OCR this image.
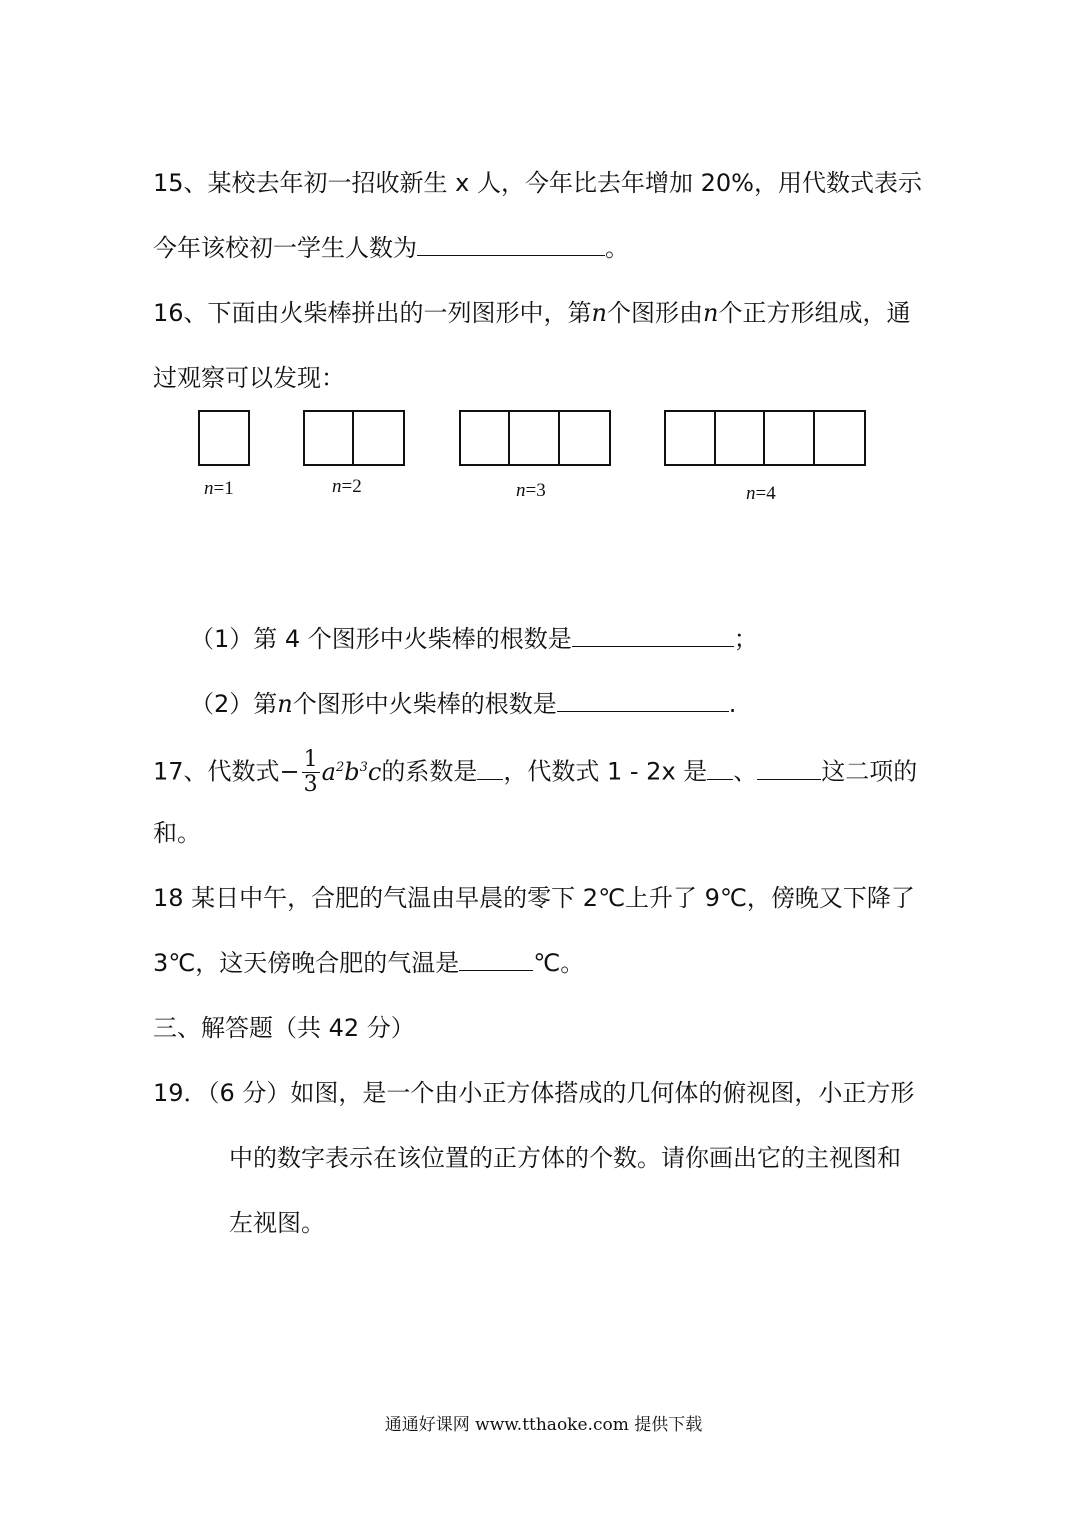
15、某校去年初一招收新生 x 人，今年比去年增加 20%，用代数式表示
今年该校初一学生人数为	。
16、下面由火柴棒拼出的一列图形中，第n个图形由n个正方形组成，通
过观察可以发现：
n=1	n=2	n=3	n=4
（1）第 4 个图形中火柴棒的根数是	；
（2）第n个图形中火柴棒的根数是	.
17、代数式− $\frac{1}{3} a^2b^3c$的系数是 ，代数式 1 - 2x 是 、	这二项的
和。
18 某日中午，合肥的气温由早晨的零下 2℃上升了 9℃，傍晚又下降了
3℃，这天傍晚合肥的气温是	℃。
三、解答题（共 42 分）
19．（6 分）如图，是一个由小正方体搭成的几何体的俯视图，小正方形
中的数字表示在该位置的正方体的个数。请你画出它的主视图和
左视图。
通通好课网 www.tthaoke.com 提供下载
